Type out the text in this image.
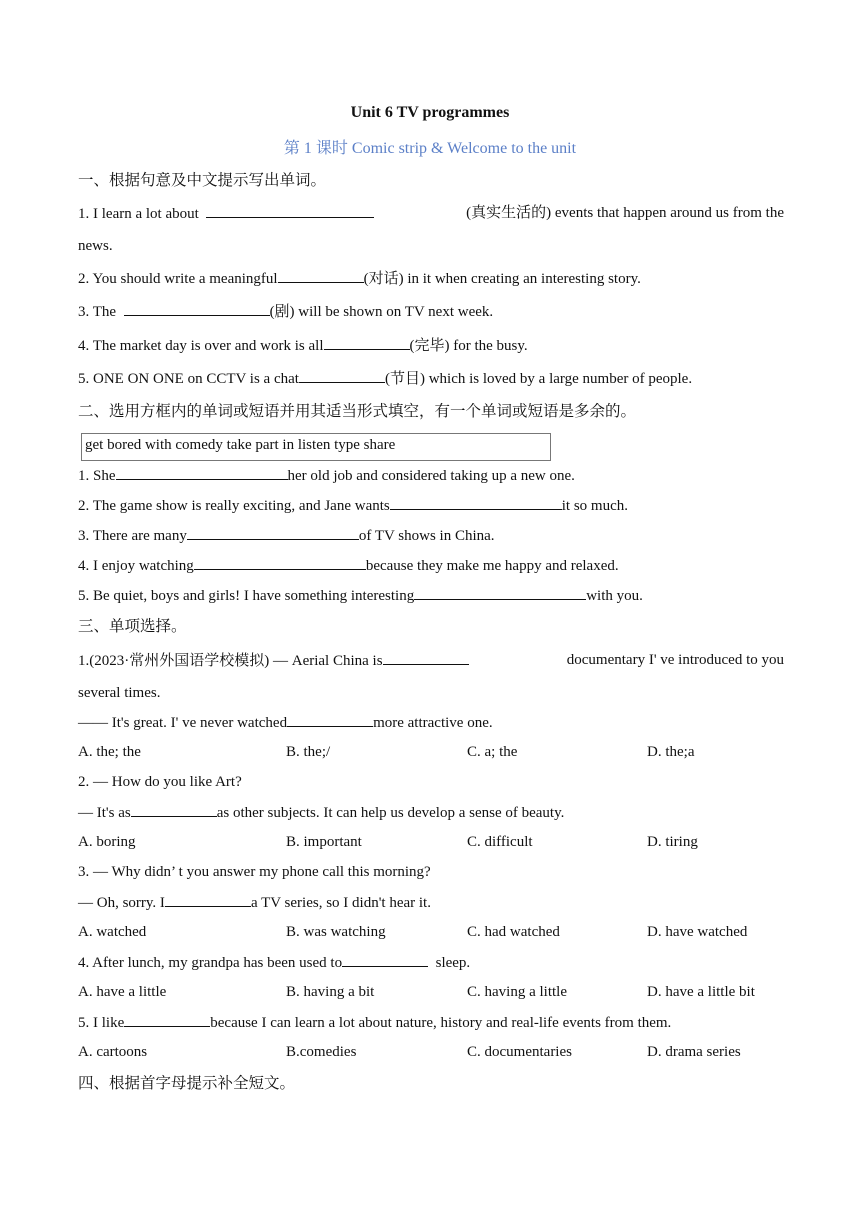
Unit 6 TV programmes
第 1 课时 Comic strip & Welcome to the unit
一、根据句意及中文提示写出单词。
1. I learn a lot about	(真实生活的) events that happen around us from the
news.
2. You should write a meaningful	(对话) in it when creating an interesting story.
3. The	(剧) will be shown on TV next week.
4. The market day is over and work is all	(完毕) for the busy.
5. ONE ON ONE on CCTV is a chat	(节目) which is loved by a large number of people.
二、选用方框内的单词或短语并用其适当形式填空，有一个单词或短语是多余的。
get bored with comedy take part in listen type share
1. She	her old job and considered taking up a new one.
2. The game show is really exciting, and Jane wants	it so much.
3. There are many	of TV shows in China.
4. I enjoy watching	because they make me happy and relaxed.
5. Be quiet, boys and girls! I have something interesting	with you.
三、单项选择。
1.(2023·常州外国语学校模拟) — Aerial China is	documentary I' ve introduced to you
several times.
—— It's great. I' ve never watched	more attractive one.
A. the; the	B. the;/	C. a; the	D. the;a
2. — How do you like Art?
— It's as	as other subjects. It can help us develop a sense of beauty.
A. boring	B. important	C. difficult	D. tiring
3. — Why didn’ t you answer my phone call this morning?
— Oh, sorry. I	a TV series, so I didn't hear it.
A. watched	B. was watching	C. had watched	D. have watched
4. After lunch, my grandpa has been used to	sleep.
A. have a little	B. having a bit	C. having a little	D. have a little bit
5. I like	because I can learn a lot about nature, history and real-life events from them.
A. cartoons	B.comedies	C. documentaries	D. drama series
四、根据首字母提示补全短文。
